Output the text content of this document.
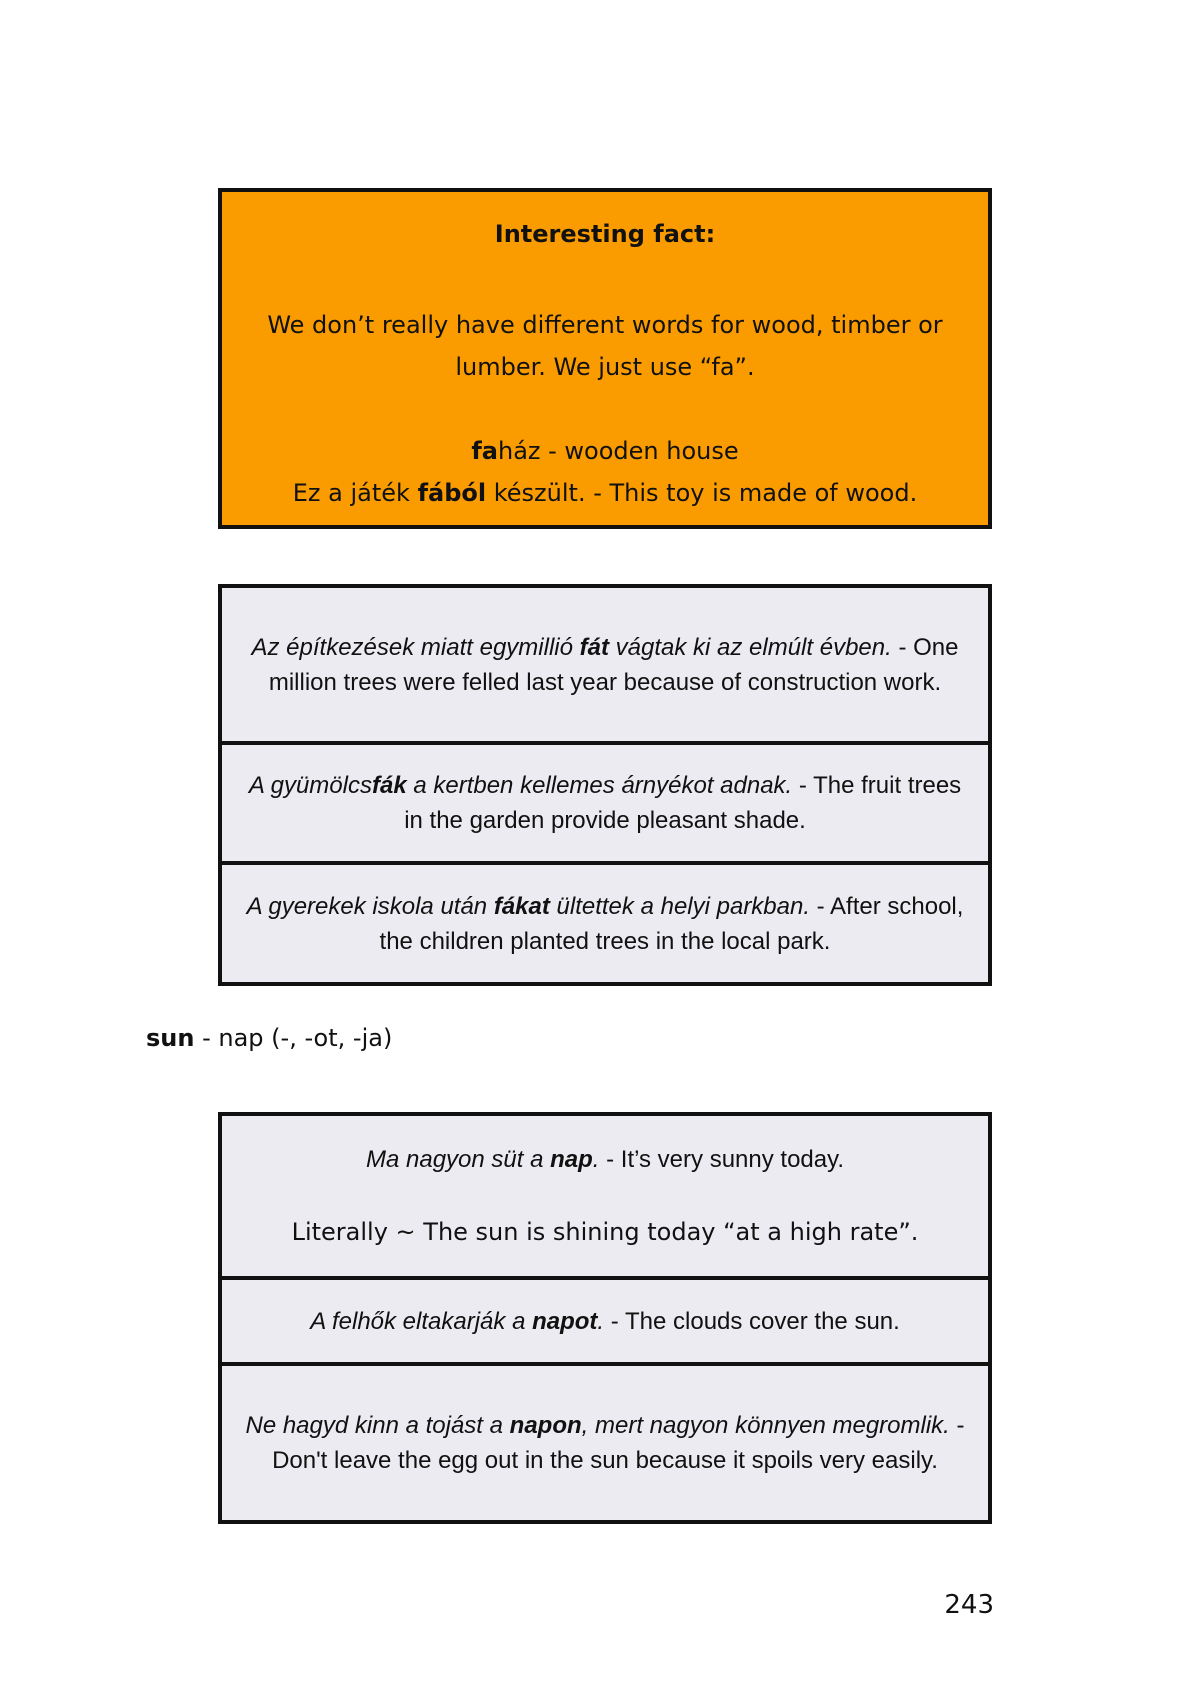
Interesting fact:
We don’t really have different words for wood, timber or lumber. We just use “fa”.
faház - wooden house
Ez a játék fából készült. - This toy is made of wood.
Az építkezések miatt egymillió fát vágtak ki az elmúlt évben. - One million trees were felled last year because of construction work.
A gyümölcsfák a kertben kellemes árnyékot adnak. - The fruit trees in the garden provide pleasant shade.
A gyerekek iskola után fákat ültettek a helyi parkban. - After school, the children planted trees in the local park.
sun - nap (-, -ot, -ja)
Ma nagyon süt a nap. - It’s very sunny today.
Literally ~ The sun is shining today “at a high rate”.
A felhők eltakarják a napot. - The clouds cover the sun.
Ne hagyd kinn a tojást a napon, mert nagyon könnyen megromlik. - Don't leave the egg out in the sun because it spoils very easily.
243
